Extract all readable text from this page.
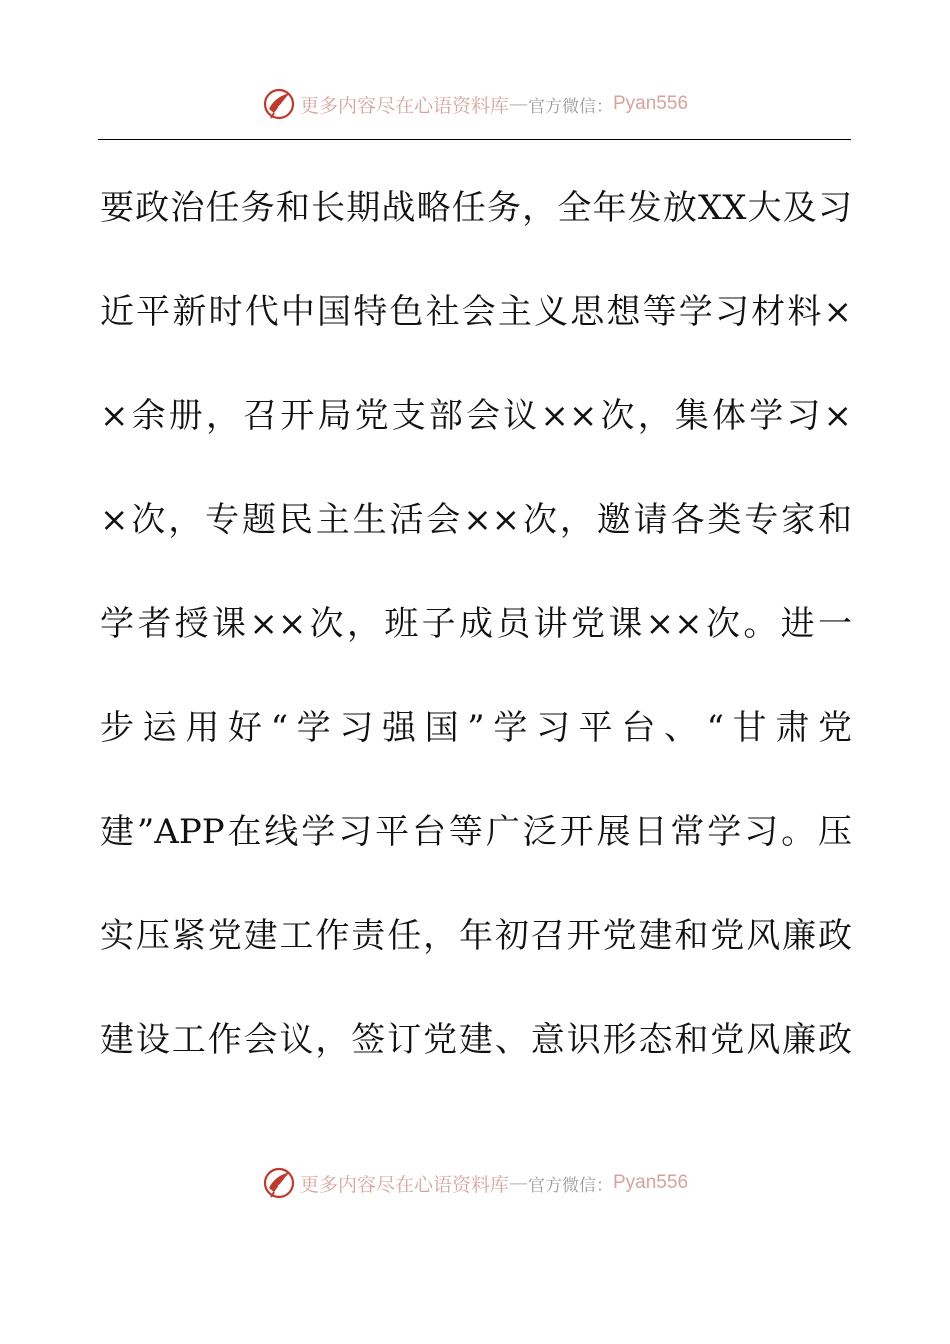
更多内容尽在心语资料库 — 官方微信： Pyan556
要政治任务和长期战略任务，全年发放XX大及习
近平新时代中国特色社会主义思想等学习材料×
×余册，召开局党支部会议××次，集体学习×
×次，专题民主生活会××次，邀请各类专家和
学者授课××次，班子成员讲党课××次。进一
步运用好“学习强国”学习平台、“甘肃党
建”APP在线学习平台等广泛开展日常学习。压
实压紧党建工作责任，年初召开党建和党风廉政
建设工作会议，签订党建、意识形态和党风廉政
更多内容尽在心语资料库 — 官方微信： Pyan556
